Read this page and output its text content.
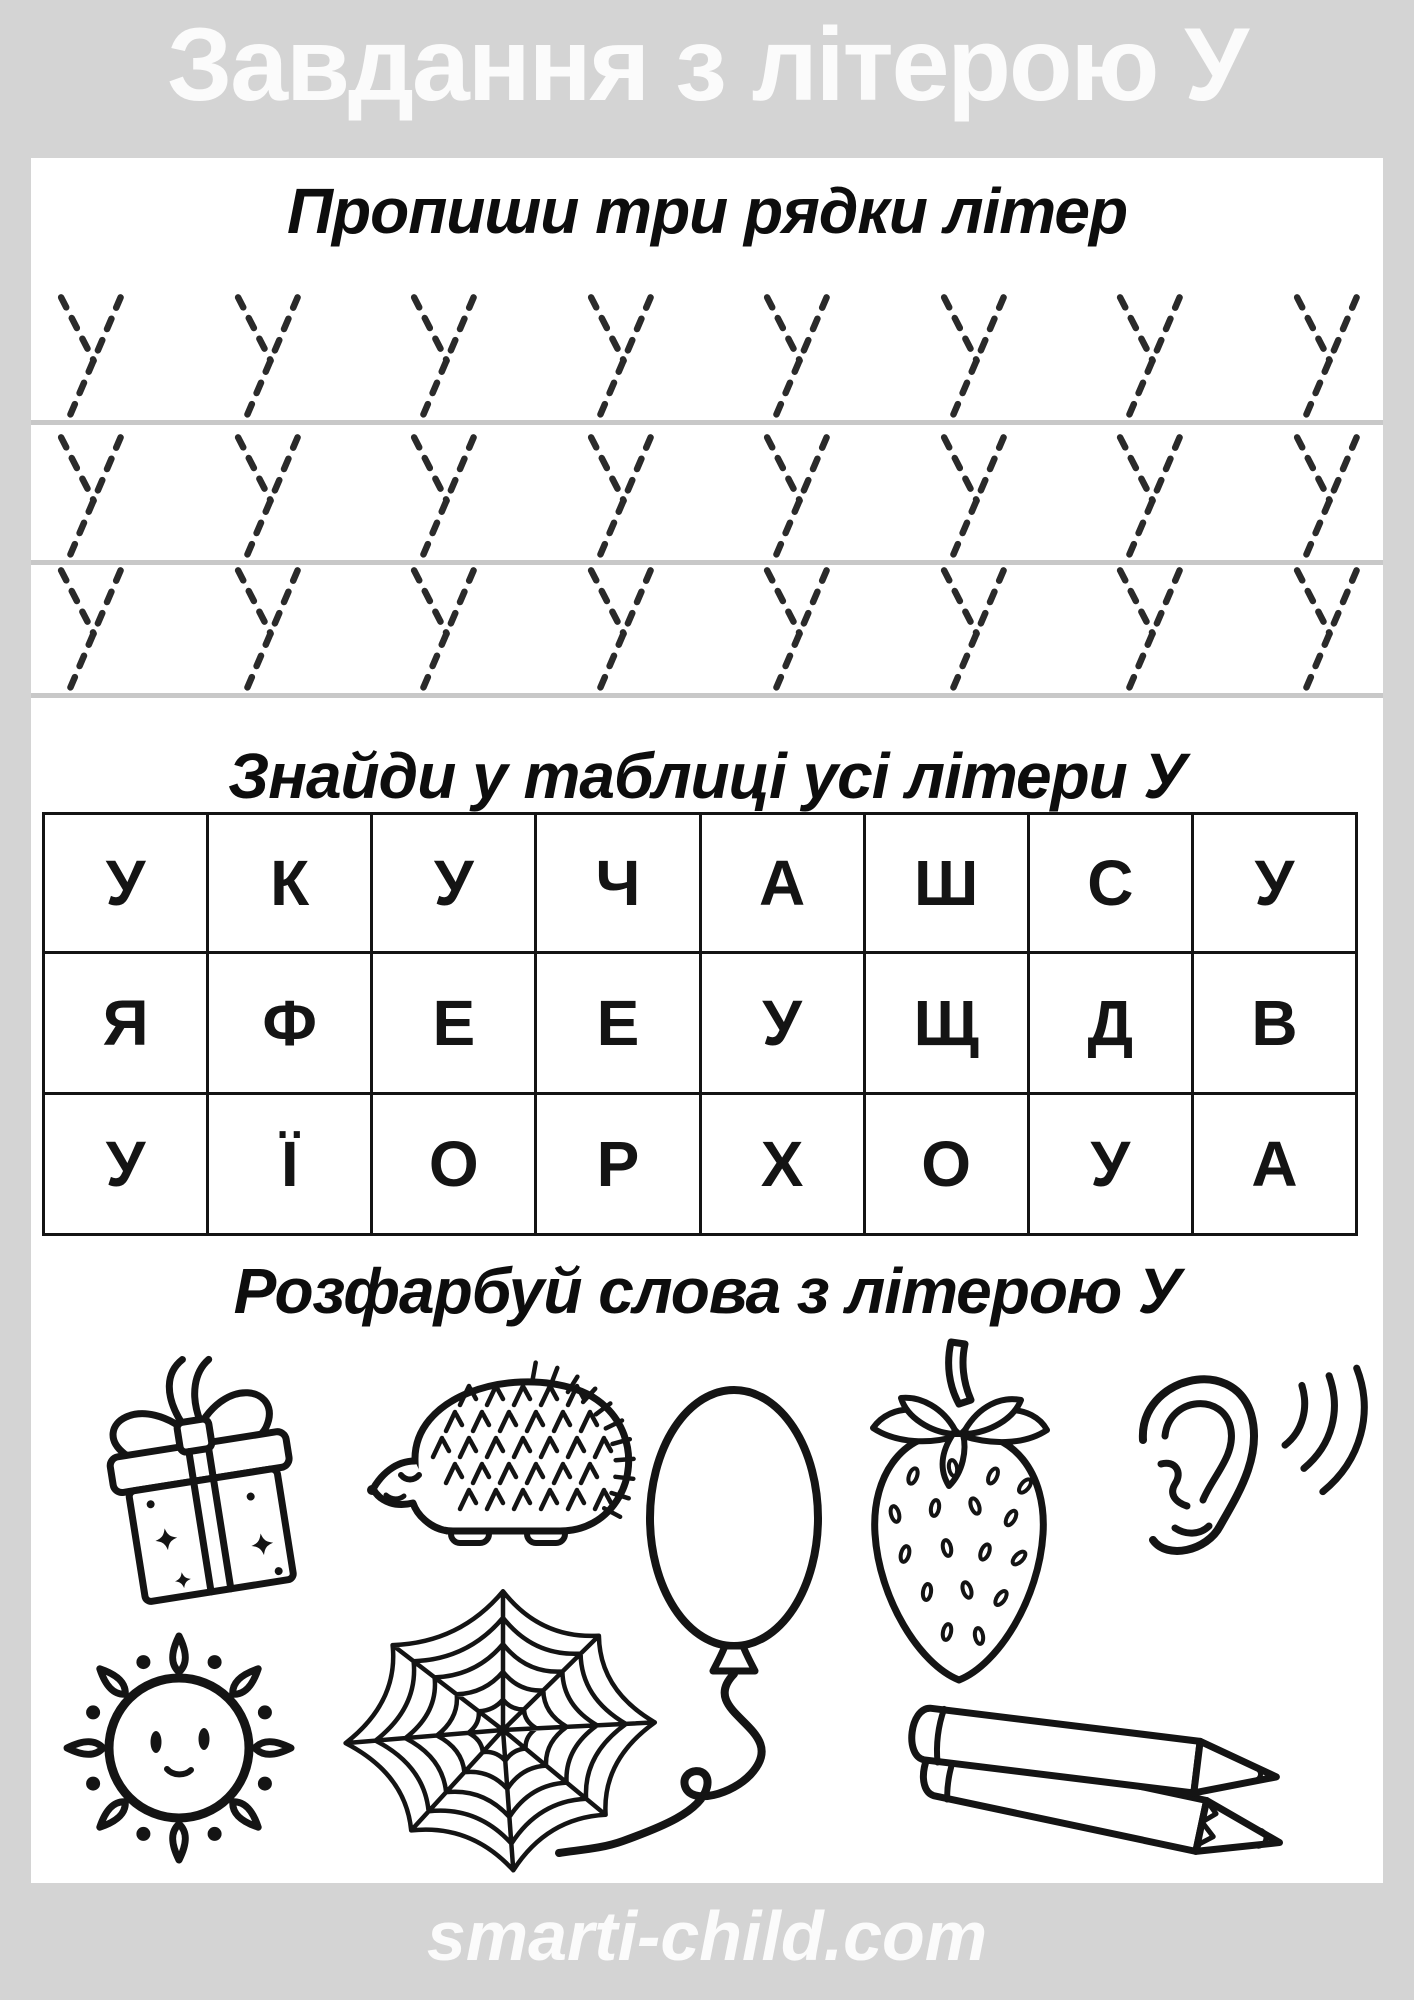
Завдання з літерою У
Пропиши три рядки літер
Знайди у таблиці усі літери У
У	К	У	Ч	А	Ш	С	У
Я	Ф	Е	Е	У	Щ	Д	В
У	Ї	О	Р	Х	О	У	А
Розфарбуй слова з літерою У
smarti-child.com
